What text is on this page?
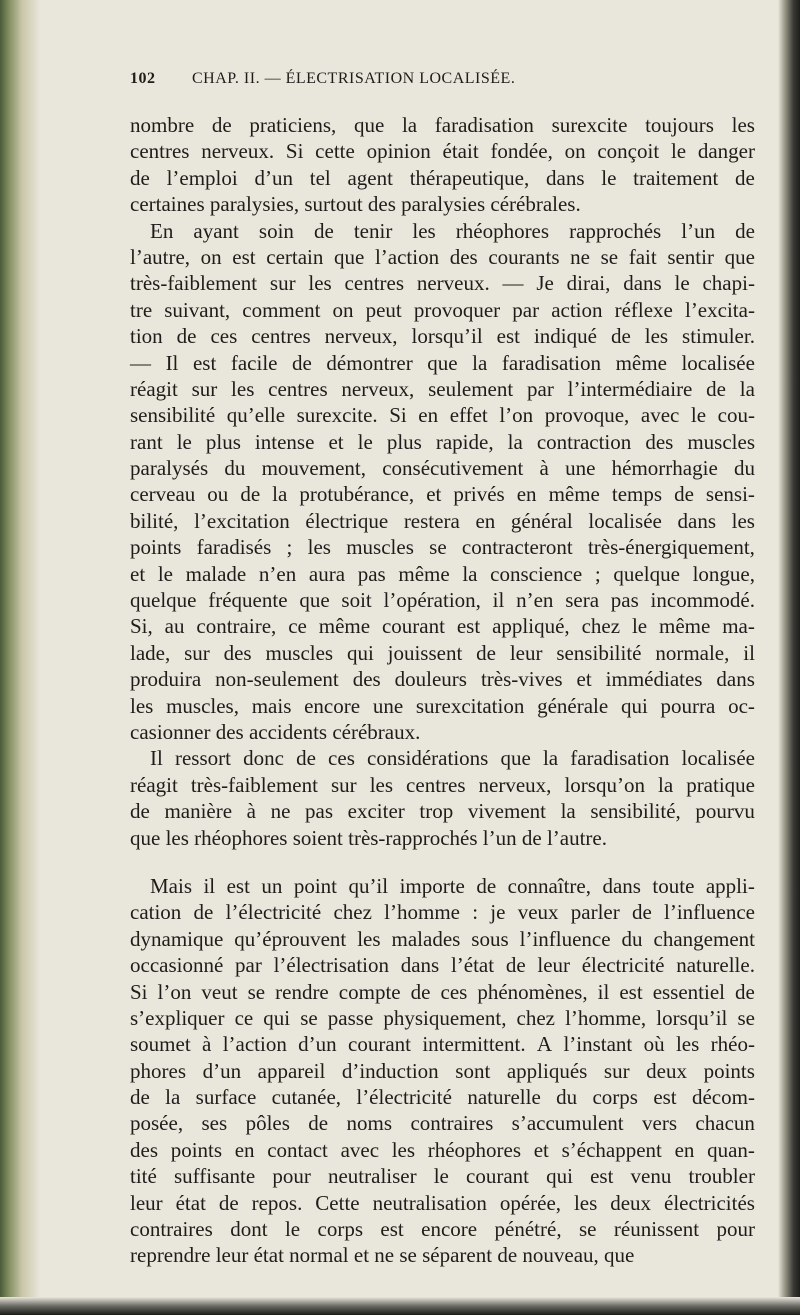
102 CHAP. II. — ÉLECTRISATION LOCALISÉE.
nombre de praticiens, que la faradisation surexcite toujours les
centres nerveux. Si cette opinion était fondée, on conçoit le danger
de l’emploi d’un tel agent thérapeutique, dans le traitement de
certaines paralysies, surtout des paralysies cérébrales.
En ayant soin de tenir les rhéophores rapprochés l’un de
l’autre, on est certain que l’action des courants ne se fait sentir que
très-faiblement sur les centres nerveux. — Je dirai, dans le chapi-
tre suivant, comment on peut provoquer par action réflexe l’excita-
tion de ces centres nerveux, lorsqu’il est indiqué de les stimuler.
— Il est facile de démontrer que la faradisation même localisée
réagit sur les centres nerveux, seulement par l’intermédiaire de la
sensibilité qu’elle surexcite. Si en effet l’on provoque, avec le cou-
rant le plus intense et le plus rapide, la contraction des muscles
paralysés du mouvement, consécutivement à une hémorrhagie du
cerveau ou de la protubérance, et privés en même temps de sensi-
bilité, l’excitation électrique restera en général localisée dans les
points faradisés ; les muscles se contracteront très-énergiquement,
et le malade n’en aura pas même la conscience ; quelque longue,
quelque fréquente que soit l’opération, il n’en sera pas incommodé.
Si, au contraire, ce même courant est appliqué, chez le même ma-
lade, sur des muscles qui jouissent de leur sensibilité normale, il
produira non-seulement des douleurs très-vives et immédiates dans
les muscles, mais encore une surexcitation générale qui pourra oc-
casionner des accidents cérébraux.
Il ressort donc de ces considérations que la faradisation localisée
réagit très-faiblement sur les centres nerveux, lorsqu’on la pratique
de manière à ne pas exciter trop vivement la sensibilité, pourvu
que les rhéophores soient très-rapprochés l’un de l’autre.
Mais il est un point qu’il importe de connaître, dans toute appli-
cation de l’électricité chez l’homme : je veux parler de l’influence
dynamique qu’éprouvent les malades sous l’influence du changement
occasionné par l’électrisation dans l’état de leur électricité naturelle.
Si l’on veut se rendre compte de ces phénomènes, il est essentiel de
s’expliquer ce qui se passe physiquement, chez l’homme, lorsqu’il se
soumet à l’action d’un courant intermittent. A l’instant où les rhéo-
phores d’un appareil d’induction sont appliqués sur deux points
de la surface cutanée, l’électricité naturelle du corps est décom-
posée, ses pôles de noms contraires s’accumulent vers chacun
des points en contact avec les rhéophores et s’échappent en quan-
tité suffisante pour neutraliser le courant qui est venu troubler
leur état de repos. Cette neutralisation opérée, les deux électricités
contraires dont le corps est encore pénétré, se réunissent pour
reprendre leur état normal et ne se séparent de nouveau, que
